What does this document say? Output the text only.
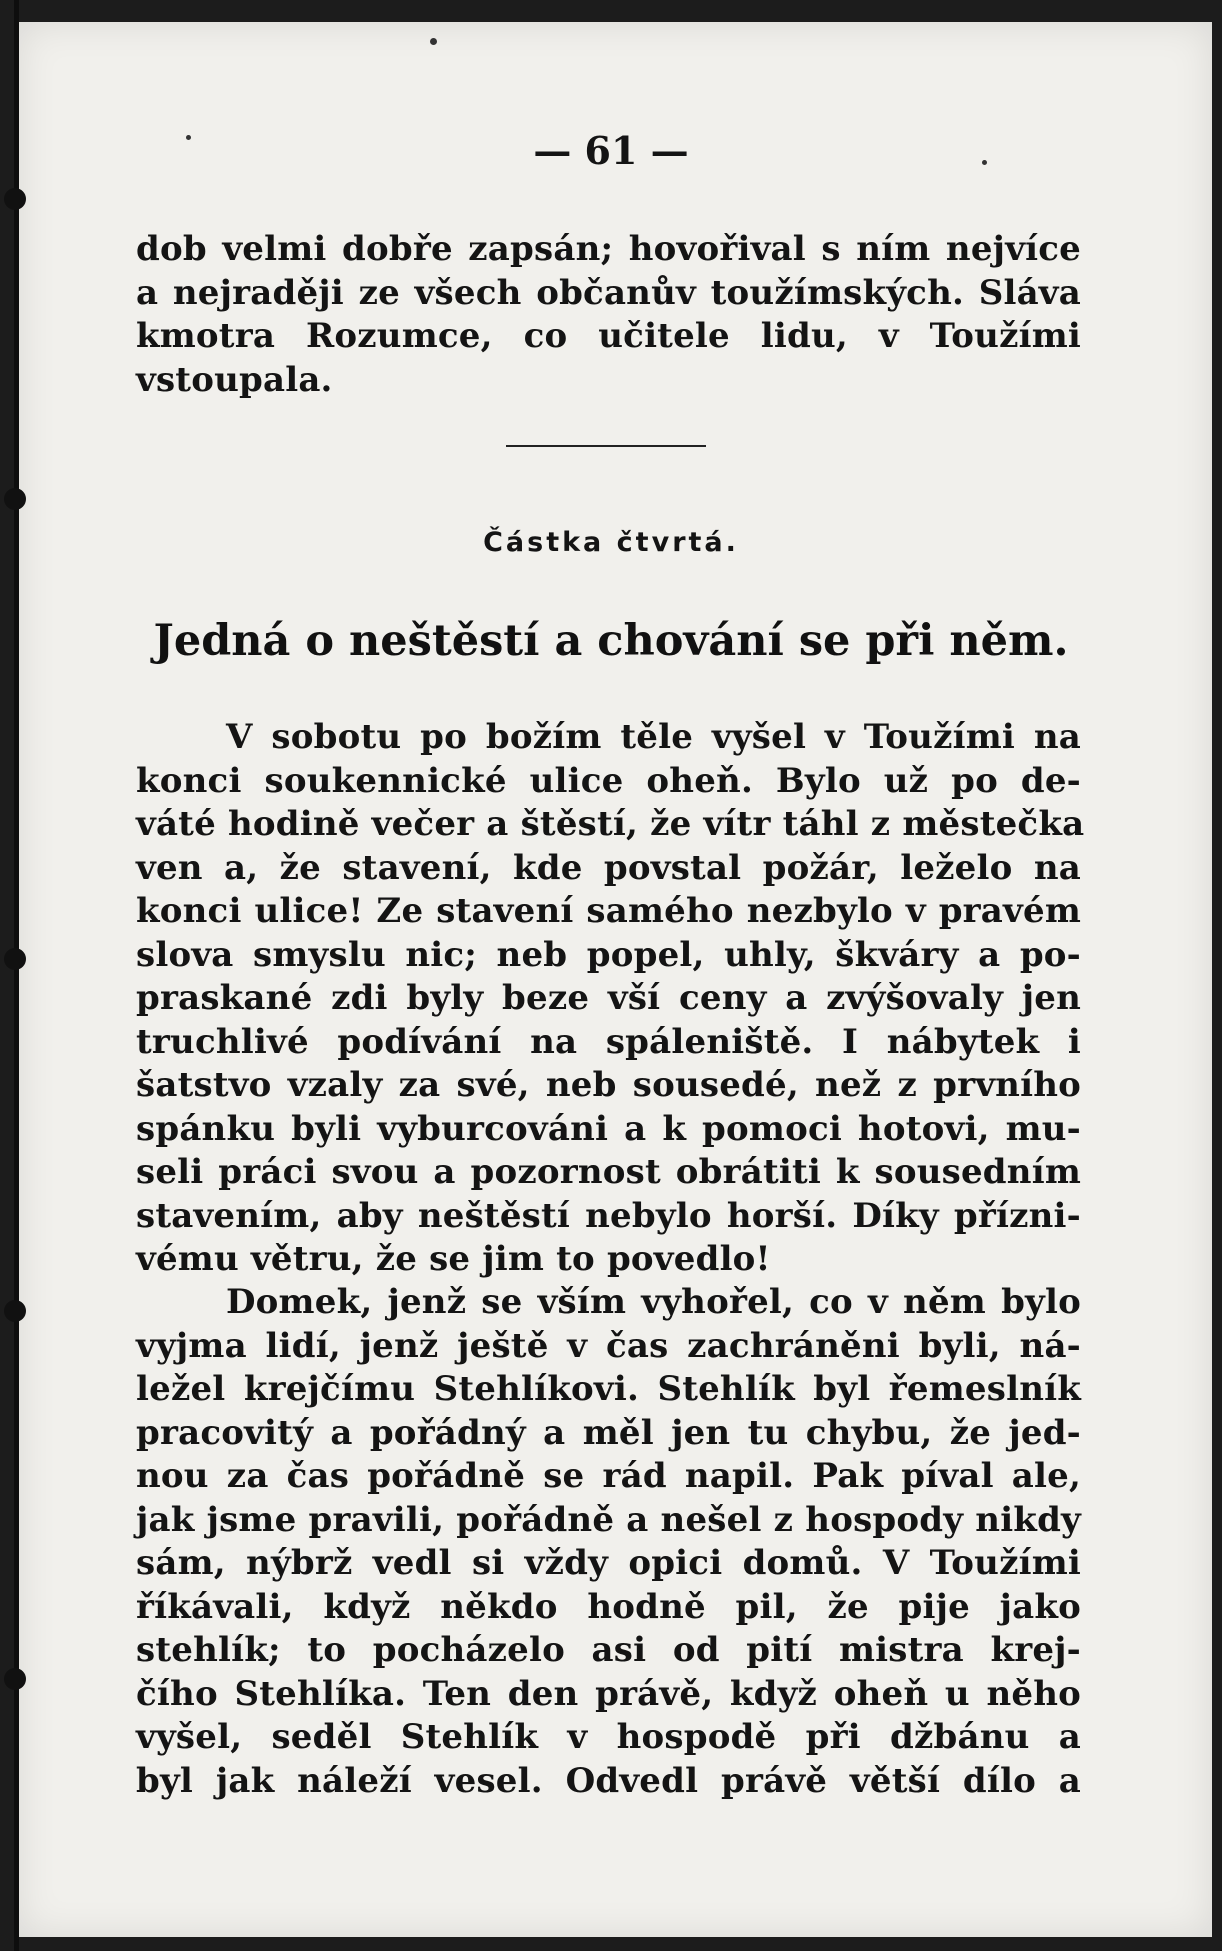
— 61 —
dob velmi dobře zapsán; hovořival s ním nejvíce
a nejraději ze všech občanův toužímských. Sláva
kmotra Rozumce, co učitele lidu, v Toužími
vstoupala.
Částka čtvrtá.
Jedná o neštěstí a chování se při něm.
V sobotu po božím těle vyšel v Toužími na
konci soukennické ulice oheň. Bylo už po de-
váté hodině večer a štěstí, že vítr táhl z městečka
ven a, že stavení, kde povstal požár, leželo na
konci ulice! Ze stavení samého nezbylo v pravém
slova smyslu nic; neb popel, uhly, škváry a po-
praskané zdi byly beze vší ceny a zvýšovaly jen
truchlivé podívání na spáleniště. I nábytek i
šatstvo vzaly za své, neb sousedé, než z prvního
spánku byli vyburcováni a k pomoci hotovi, mu-
seli práci svou a pozornost obrátiti k sousedním
stavením, aby neštěstí nebylo horší. Díky přízni-
vému větru, že se jim to povedlo!
Domek, jenž se vším vyhořel, co v něm bylo
vyjma lidí, jenž ještě v čas zachráněni byli, ná-
ležel krejčímu Stehlíkovi. Stehlík byl řemeslník
pracovitý a pořádný a měl jen tu chybu, že jed-
nou za čas pořádně se rád napil. Pak píval ale,
jak jsme pravili, pořádně a nešel z hospody nikdy
sám, nýbrž vedl si vždy opici domů. V Toužími
říkávali, když někdo hodně pil, že pije jako
stehlík; to pocházelo asi od pití mistra krej-
čího Stehlíka. Ten den právě, když oheň u něho
vyšel, seděl Stehlík v hospodě při džbánu a
byl jak náleží vesel. Odvedl právě větší dílo a
